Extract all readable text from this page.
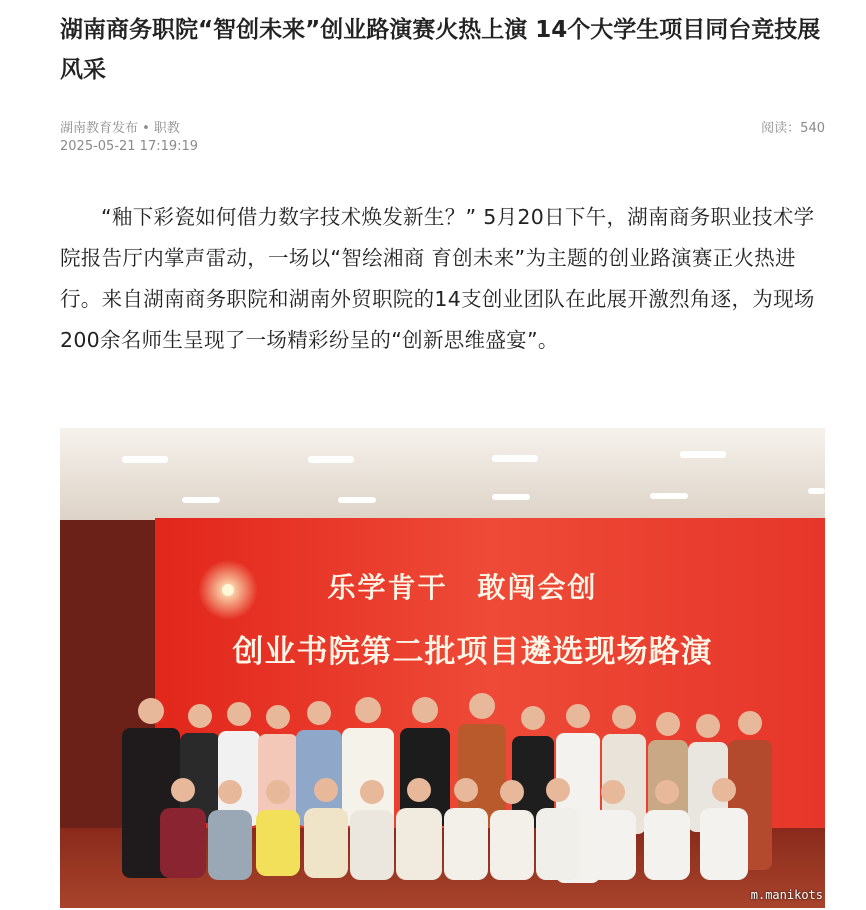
湖南商务职院“智创未来”创业路演赛火热上演 14个大学生项目同台竞技展风采
湖南教育发布 • 职教
2025-05-21 17:19:19
阅读：540

“釉下彩瓷如何借力数字技术焕发新生？” 5月20日下午，湖南商务职业技术学院报告厅内掌声雷动，一场以“智绘湘商 育创未来”为主题的创业路演赛正火热进行。来自湖南商务职院和湖南外贸职院的14支创业团队在此展开激烈角逐，为现场200余名师生呈现了一场精彩纷呈的“创新思维盛宴”。

乐学肯干　敢闯会创
创业书院第二批项目遴选现场路演
m.manikots
